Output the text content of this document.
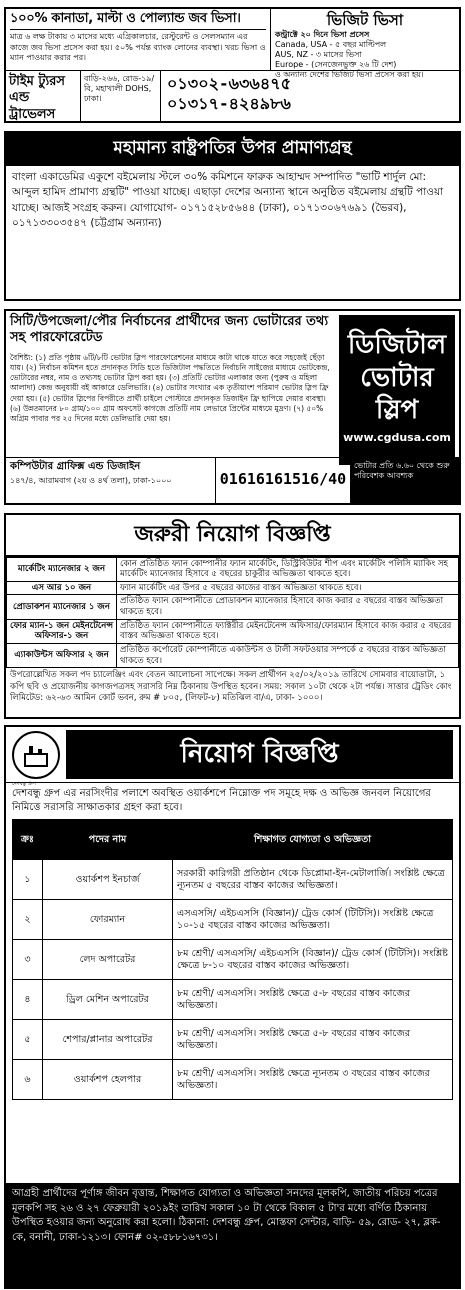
১০০% কানাডা, মাল্টা ও পোল্যান্ড জব ভিসা।
মাত্র ৬ লক্ষ টাকায় ৩ মাসের মধ্যে এগ্রিকালচার, রেস্টুরেন্ট ও সেলসম্যান এর কাজে জব ভিসা প্রসেস করা হয়। ৫০% পর্যন্ত ব্যাংক লোনের ব্যবস্থা। খরচ ভিসা ও ম্যান পাওয়ার করার পর।
ভিজিট ভিসা
কন্ট্রাক্টে ২০ দিনে ভিসা প্রসেস
Canada, USA - ৫ বছর মাল্টিপল
AUS, NZ - ৩ মাসের ভিসা
Europe - (সেনজেনভুক্ত ২৬ টি দেশ)
ও অন্যান্য দেশের ভিজিট ভিসা প্রসেস করা হয়।
টাইম ট্যুরস এন্ড ট্রাভেলস
বাড়ি-২৬৬, রোড-১৯/বি, মহাখালী DOHS, ঢাকা।
০১৩০২-৬৩৬৪৭৫
০১৩১৭-৪২৪৯৮৬
মহামান্য রাষ্ট্রপতির উপর প্রামাণ্যগ্রন্থ
বাংলা একাডেমির একুশে বইমেলায় স্টলে ৩০% কমিশনে ফারুক আহাম্মদ সম্পাদিত "ভাটি শার্দুল মো: আব্দুল হামিদ প্রামাণ্য গ্রন্থটি" পাওয়া যাচ্ছে। এছাড়া দেশের অন্যান্য স্থানে অনুষ্ঠিত বইমেলায় গ্রন্থটি পাওয়া যাচ্ছে। আজই সংগ্রহ করুন। যোগাযোগ- ০১৭১৫২৮৫৬৪৪ (ঢাকা), ০১৭১৩০৬৭৬৯১ (ভৈরব), ০১৭১৩৩০৩৫৪৭ (চট্টগ্রাম অন্যান্য)
সিটি/উপজেলা/পৌর নির্বাচনের প্রার্থীদের জন্য ভোটারের তথ্য সহ পারফোরেটেড	ডিজিটাল ভোটার স্লিপ
www.cgdusa.com
বৈশিষ্ট্য: (১) প্রতি পৃষ্ঠায় ৬টি/৮টি ভোটার স্লিপ পারফোরেশনের মাধ্যমে কাটা থাকে যাতে করে সহজেই ছেঁড়া যায়। (২) নির্বাচন কমিশন হতে প্রদানকৃত সিডি হতে ডিজিটাল পদ্ধতিতে নির্বাচনি সাইজের মাধ্যমে ভোটকেন্দ্র, ভোটারের নম্বর, নাম ও তথ্যসহ ভোটার স্লিপ করা হয়। (৩) প্রতিটি ভোটার এলাকার জন্য (পুরুষ ও মহিলা আলাদা) কেন্দ্র অনুযায়ী বই আকারে ডেলিভারি। (৪) ভোটার সংখ্যার এক তৃতীয়াংশ পরিমাণ ভোটার স্লিপ ফ্রি দেয়া হয়। (৫) ভোটার স্লিপের বিপরীতে প্রার্থী চাইলে পোস্টারে প্রদানকৃত ডিজাইন ফ্রি ছাপিয়ে দেয়ার ব্যবস্থা। (৬) উন্নতমানের ৮০ গ্রাম/১০০ গ্রাম অফসেট কাগজে প্রতিটি নাম লেভারে প্রিন্টের মাধ্যমে মুদ্রণ। (৭) ৫০% অগ্রিম পাবার পর ২৫ দিনের মধ্যে ডেলিভারি দেয়া হয়।
কম্পিউটার গ্রাফিক্স এন্ড ডিজাইন
১৪৭/৪, আরামবাগ (২য় ও ৪র্থ তলা), ঢাকা-১০০০	01616161516/40
ভোটার প্রতি ৬.৬০ থেকে শুরু
পরিবেশক আবশ্যক
জরুরী নিয়োগ বিজ্ঞপ্তি
মার্কেটিং ম্যানেজার ২ জন	কোন প্রতিষ্ঠিত ফ্যান কোম্পানীর ফ্যান মার্কেটিং, ডিস্ট্রিবিউটর শীপ এবং মার্কেটিং পলিসি ম্যাকিং সহ মার্কেটিং ম্যানেজার হিসাবে ৫ বছরের চাকুরীর অভিজ্ঞতা থাকতে হবে।
এস আর ১০ জন	ফ্যান মার্কেটিং এর উপর ৫ বছরের কাজের বাস্তব অভিজ্ঞতা থাকতে হবে।
প্রোডাকশন ম্যানেজার ১ জন	প্রতিষ্ঠিত ফ্যান কোম্পানীতে প্রোডাকশন ম্যানেজার হিসাবে কাজ করার ৫ বছরের বাস্তব অভিজ্ঞতা থাকতে হবে।
ফোর ম্যান-১ জন মেইনটেনেন্স অফিসার-১ জন	প্রতিষ্ঠিত ফ্যান কোম্পানীতে ফ্যাক্টরীর মেইনটেনেন্স অফিসার/ফোরম্যান হিসাবে কাজ করার ৫ বছরের বাস্তব অভিজ্ঞতা থাকতে হবে।
এ্যাকাউন্টস অফিসার ২ জন	প্রতিষ্ঠিত কর্পোরেট কোম্পানীতে একাউন্টস ও টালী সফটওয়ার সম্পর্কে ৫ বছরের বাস্তব অভিজ্ঞতা থাকতে হবে।
উপরোল্লেখিত সকল পদ চ্যালেঞ্জিং এবং বেতন আলোচনা সাপেক্ষে। সকল প্রার্থীগন ২৫/০২/২০১৯ তারিখে সোমবার বায়োডাটা, ১ কপি ছবি ও প্রয়োজনীয় কাগজপত্রসহ সরাসরি নিম্ন ঠিকানায় উপস্থিত হবেন। সময়: সকাল ১০টা থেকে ২টা পর্যন্ত। সাত্তার ট্রেডিং কোং লিমিটেড: ৬২-৬৩ আমিন কোর্ট ভবন, রুম # ৮০৫, (লিফট-৮) মতিঝিল বা/এ, ঢাকা- ১০০০।
নিয়োগ বিজ্ঞপ্তি
দেশবন্ধু গ্রুপ
দেশবন্ধু গ্রুপ এর নরসিংদীর পলাশে অবস্থিত ওয়ার্কশপে নিম্নোক্ত পদ সমূহে দক্ষ ও অভিজ্ঞ জনবল নিয়োগের নিমিত্তে সরাসরি সাক্ষাতকার গ্রহণ করা হবে।
ক্রঃ	পদের নাম	শিক্ষাগত যোগ্যতা ও অভিজ্ঞতা
১	ওয়ার্কশপ ইনচার্জ	সরকারী কারিগরী প্রতিষ্ঠান থেকে ডিপ্লোমা-ইন-মেটালার্জি। সংশ্লিষ্ট ক্ষেত্রে ন্যূনতম ৫ বছরের বাস্তব কাজের অভিজ্ঞতা।
২	ফোরম্যান	এসএসসি/ এইচএসসি (বিজ্ঞান)/ ট্রেড কোর্স (টিটিসি)। সংশ্লিষ্ট ক্ষেত্রে ১০-১৫ বছরের বাস্তব কাজের অভিজ্ঞতা।
৩	লেদ অপারেটর	৮ম শ্রেণী/ এসএসসি/ এইচএসসি (বিজ্ঞান)/ ট্রেড কোর্স (টিটিসি)। সংশ্লিষ্ট ক্ষেত্রে ৮-১০ বছরের বাস্তব কাজের অভিজ্ঞতা।
৪	ড্রিল মেশিন অপারেটর	৮ম শ্রেণী/ এসএসসি। সংশ্লিষ্ট ক্ষেত্রে ৫-৮ বছরের বাস্তব কাজের অভিজ্ঞতা।
৫	শেপার/প্লানার অপারেটর	৮ম শ্রেণী/ এসএসসি। সংশ্লিষ্ট ক্ষেত্রে ৫-৮ বছরের বাস্তব কাজের অভিজ্ঞতা।
৬	ওয়ার্কশপ হেলপার	৮ম শ্রেণী/ এসএসসি। সংশ্লিষ্ট ক্ষেত্রে ন্যূনতম ৩ বছরের বাস্তব কাজের অভিজ্ঞতা।
আগ্রহী প্রার্থীদের পূর্ণাঙ্গ জীবন বৃত্তান্ত, শিক্ষাগত যোগ্যতা ও অভিজ্ঞতা সনদের মূলকপি, জাতীয় পরিচয় পত্রের মূলকপি সহ ২৬ ও ২৭ ফেব্রুয়ারী ২০১৯ইং তারিখ সকাল ১০ টা থেকে বিকাল ৫ টা'র মধ্যে বর্ণিত ঠিকানায় উপস্থিত হওয়ার জন্য অনুরোধ করা হলো। ঠিকানা: দেশবন্ধু গ্রুপ, মোস্তফা সেন্টার, বাড়ি- ৫৯, রোড- ২৭, ব্লক- কে, বনানী, ঢাকা-১২১৩। ফোন# ০২-৫৮৮১৬৭৩১।
